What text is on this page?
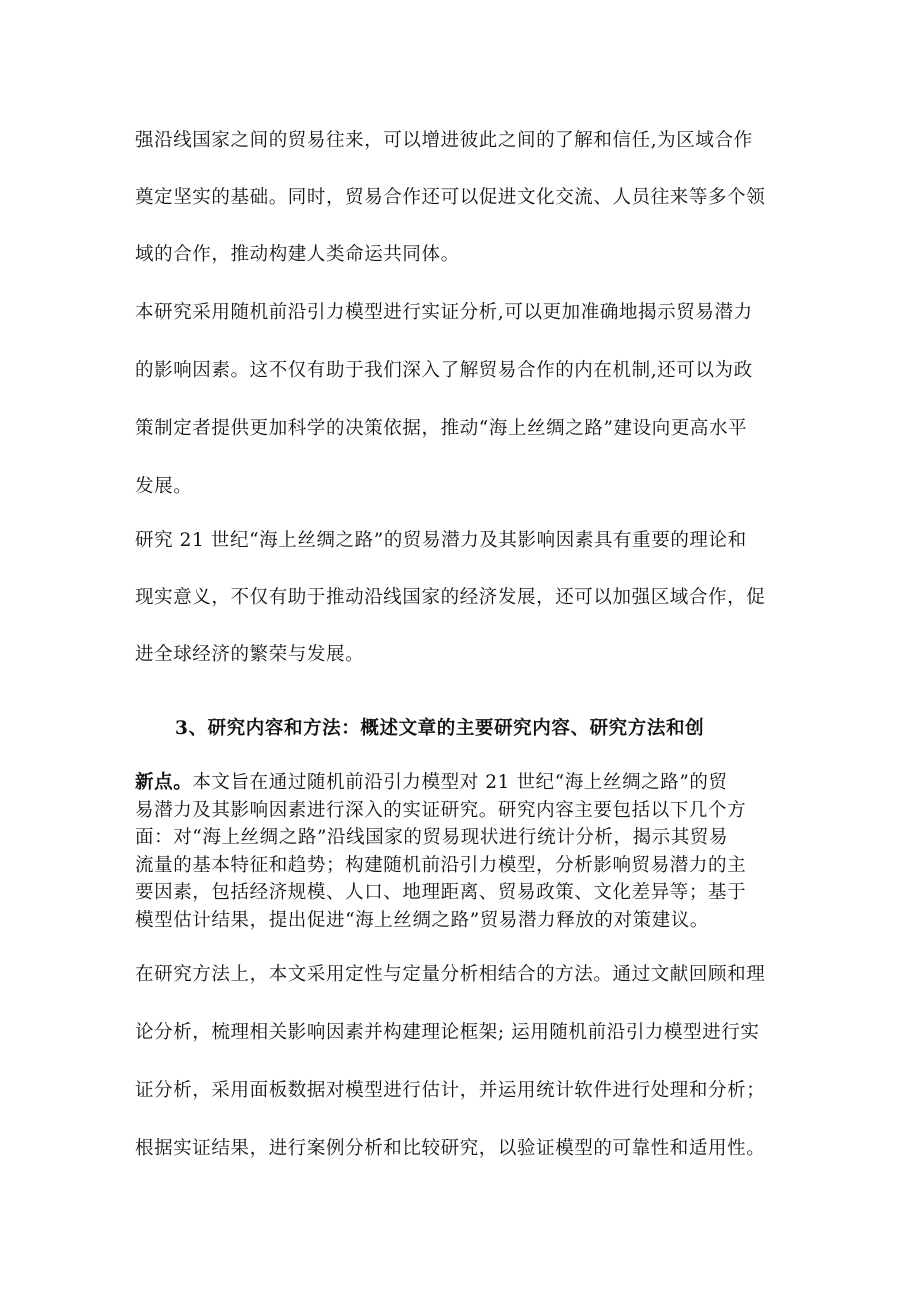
强沿线国家之间的贸易往来，可以增进彼此之间的了解和信任,为区域合作
奠定坚实的基础。同时，贸易合作还可以促进文化交流、人员往来等多个领
域的合作，推动构建人类命运共同体。

本研究采用随机前沿引力模型进行实证分析,可以更加准确地揭示贸易潜力
的影响因素。这不仅有助于我们深入了解贸易合作的内在机制,还可以为政
策制定者提供更加科学的决策依据，推动“海上丝绸之路”建设向更高水平
发展。

研究 21 世纪“海上丝绸之路”的贸易潜力及其影响因素具有重要的理论和
现实意义，不仅有助于推动沿线国家的经济发展，还可以加强区域合作，促
进全球经济的繁荣与发展。

3、研究内容和方法：概述文章的主要研究内容、研究方法和创

新点。本文旨在通过随机前沿引力模型对 21 世纪“海上丝绸之路”的贸
易潜力及其影响因素进行深入的实证研究。研究内容主要包括以下几个方
面：对“海上丝绸之路”沿线国家的贸易现状进行统计分析，揭示其贸易
流量的基本特征和趋势；构建随机前沿引力模型，分析影响贸易潜力的主
要因素，包括经济规模、人口、地理距离、贸易政策、文化差异等；基于
模型估计结果，提出促进“海上丝绸之路”贸易潜力释放的对策建议。

在研究方法上，本文采用定性与定量分析相结合的方法。通过文献回顾和理
论分析，梳理相关影响因素并构建理论框架; 运用随机前沿引力模型进行实
证分析，采用面板数据对模型进行估计，并运用统计软件进行处理和分析；
根据实证结果，进行案例分析和比较研究，以验证模型的可靠性和适用性。
